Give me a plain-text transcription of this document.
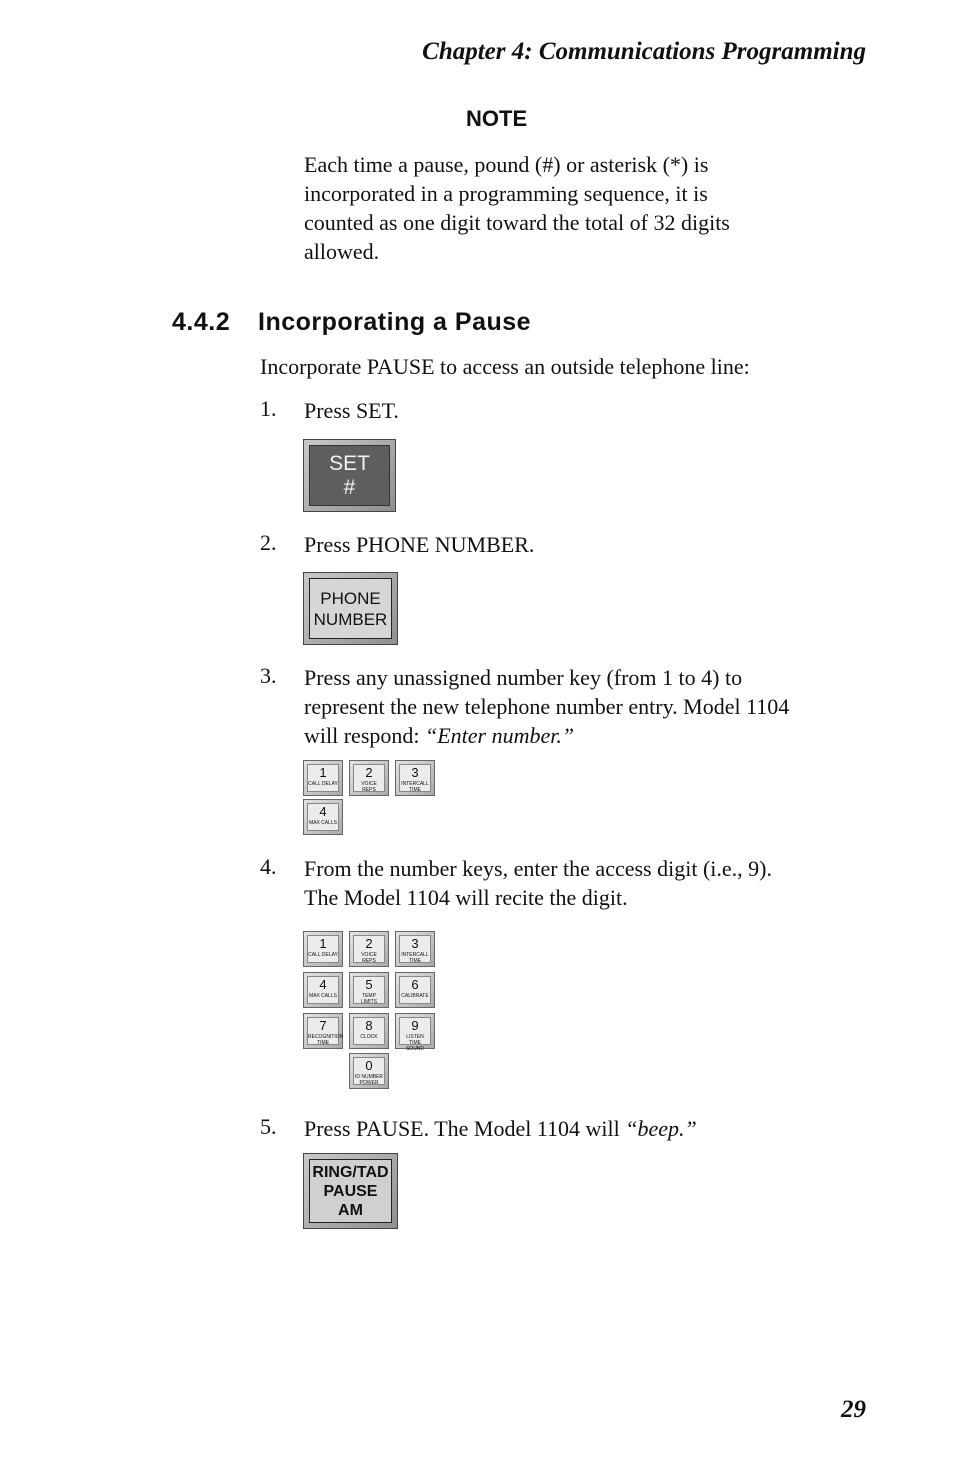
Chapter 4: Communications Programming
NOTE
Each time a pause, pound (#) or asterisk (*) is
incorporated in a programming sequence, it is
counted as one digit toward the total of 32 digits
allowed.
4.4.2 Incorporating a Pause
Incorporate PAUSE to access an outside telephone line:
1. Press SET.
SET
#
2. Press PHONE NUMBER.
PHONE
NUMBER
3. Press any unassigned number key (from 1 to 4) to
represent the new telephone number entry. Model 1104
will respond: “Enter number.”
1
CALL DELAY
2
VOICE REPS
3
INTERCALL TIME
4
MAX CALLS
4. From the number keys, enter the access digit (i.e., 9).
The Model 1104 will recite the digit.
1
CALL DELAY
2
VOICE REPS
3
INTERCALL TIME
4
MAX CALLS
5
TEMP LIMITS
6
CALIBRATE
7
RECOGNITION TIME
8
CLOCK
9
LISTEN TIME SOUND
0
ID NUMBER POWER
5. Press PAUSE. The Model 1104 will “beep.”
RING/TAD
PAUSE
AM
29
